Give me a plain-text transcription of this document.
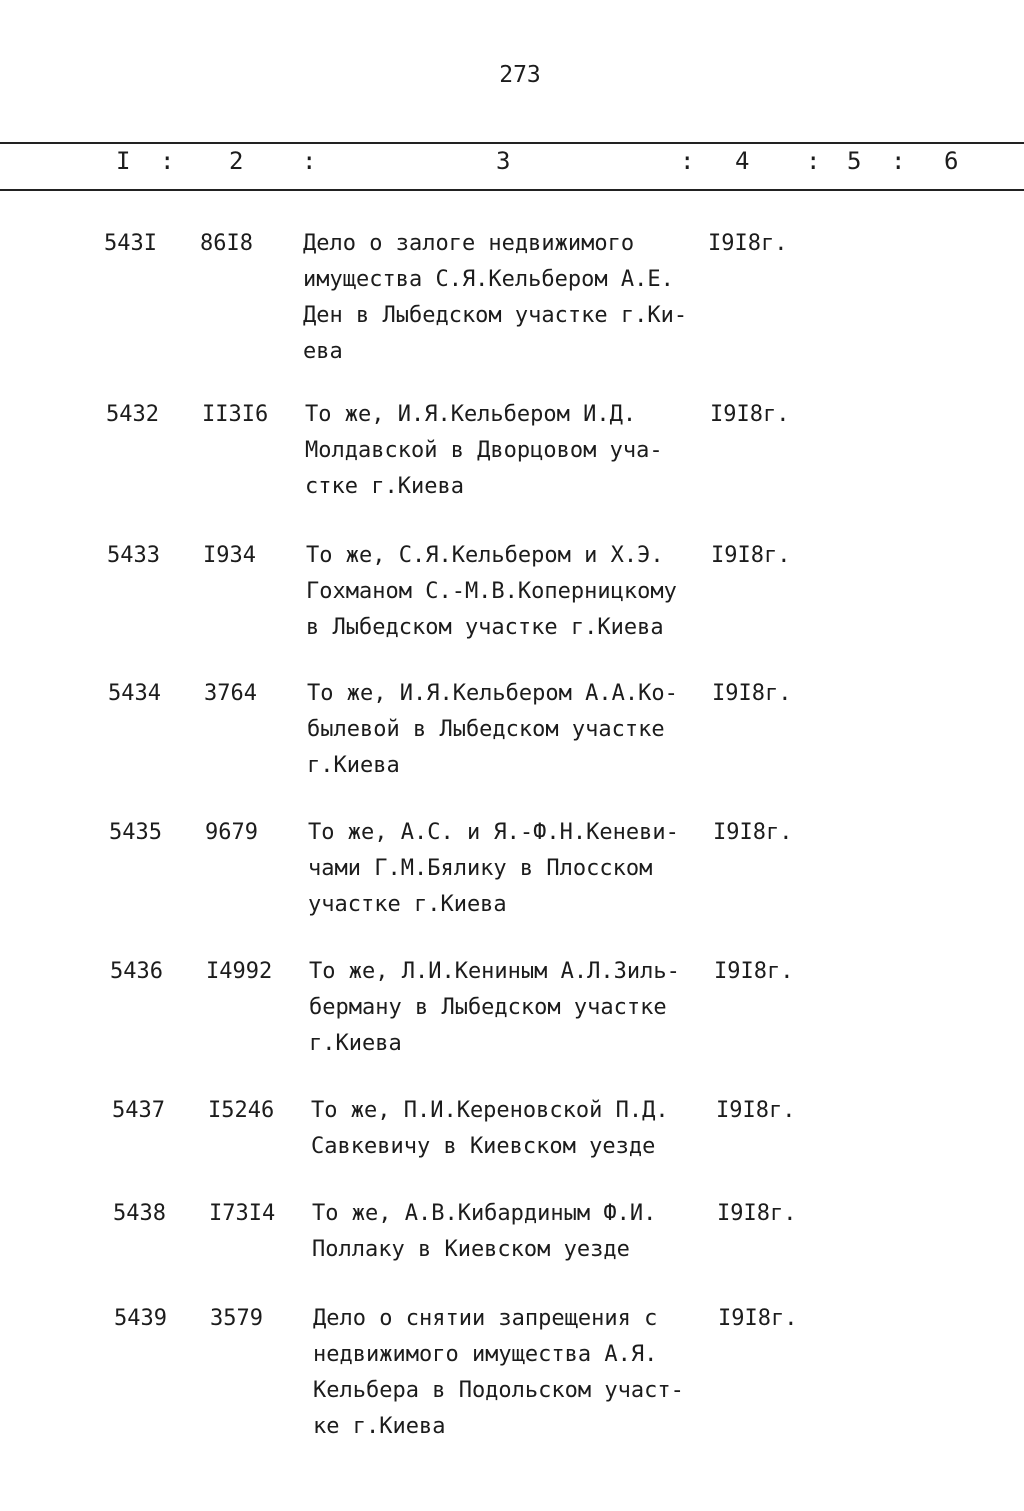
273
I : 2 :	3	: 4 : 5 : 6
543I 86I8 Дело о залоге недвижимого
имущества С.Я.Кельбером А.Е.
Ден в Лыбедском участке г.Ки-
ева
I9I8г.
5432 II3I6 То же, И.Я.Кельбером И.Д.
Молдавской в Дворцовом уча-
стке г.Киева
I9I8г.
5433 I934 То же, С.Я.Кельбером и Х.Э.
Гохманом С.-М.В.Коперницкому
в Лыбедском участке г.Киева
I9I8г.
5434 3764 То же, И.Я.Кельбером А.А.Ко-
былевой в Лыбедском участке
г.Киева
I9I8г.
5435 9679 То же, А.С. и Я.-Ф.Н.Кеневи-
чами Г.М.Бялику в Плосском
участке г.Киева
I9I8г.
5436 I4992 То же, Л.И.Кениным А.Л.Зиль-
берману в Лыбедском участке
г.Киева
I9I8г.
5437 I5246 То же, П.И.Кереновской П.Д.
Савкевичу в Киевском уезде
I9I8г.
5438 I73I4 То же, А.В.Кибардиным Ф.И.
Поллаку в Киевском уезде
I9I8г.
5439 3579 Дело о снятии запрещения с
недвижимого имущества А.Я.
Кельбера в Подольском участ-
ке г.Киева
I9I8г.
